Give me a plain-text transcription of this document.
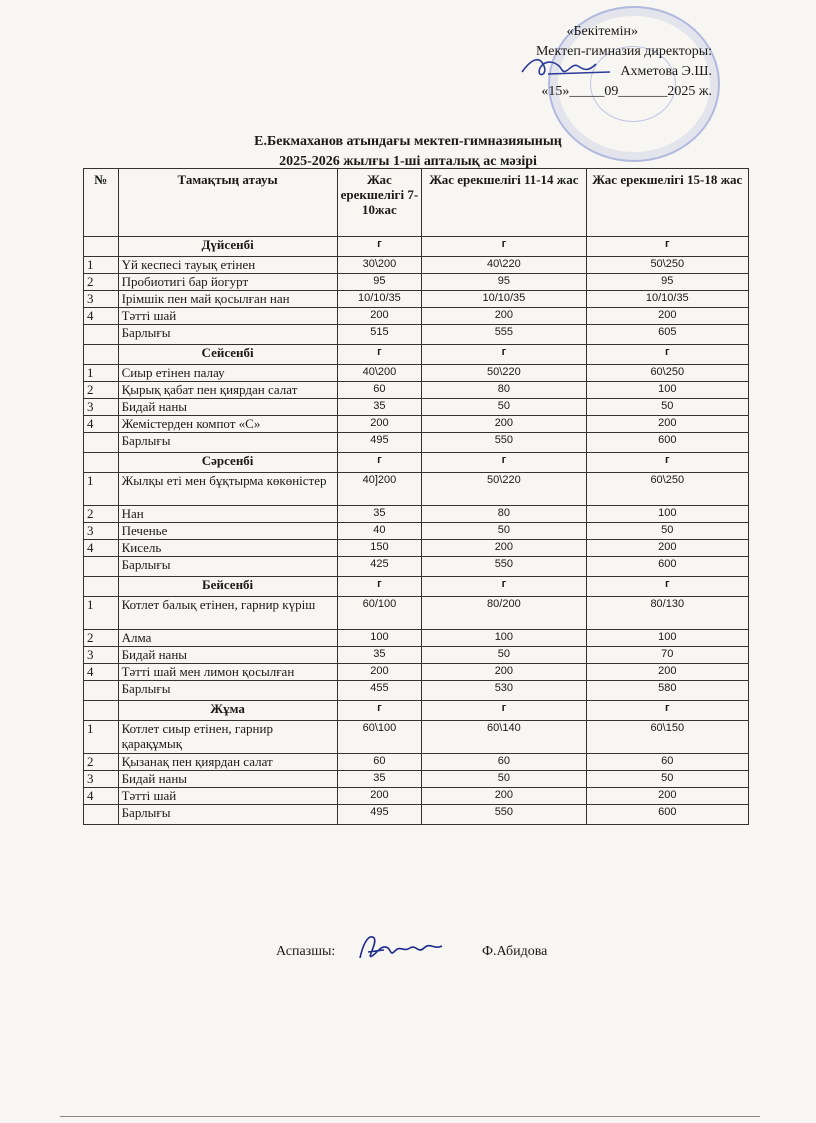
«Бекітемін»
Мектеп-гимназия директоры:
Ахметова Э.Ш.
«15»_____09_______2025 ж.
Е.Бекмаханов атындағы мектеп-гимназияының
2025-2026 жылғы 1-ші апталық ас мәзірі
№	Тамақтың атауы	Жас ерекшелігі 7-10жас	Жас ерекшелігі 11-14 жас	Жас ерекшелігі 15-18 жас
	Дүйсенбі	г	г	г
1	Үй кеспесі тауық етінен	30\200	40\220	50\250
2	Пробиотигі бар йогурт	95	95	95
3	Ірімшік пен май қосылған нан	10/10/35	10/10/35	10/10/35
4	Тәтті шай	200	200	200
	Барлығы	515	555	605
	Сейсенбі	г	г	г
1	Сиыр етінен палау	40\200	50\220	60\250
2	Қырық қабат пен қиярдан салат	60	80	100
3	Бидай наны	35	50	50
4	Жемістерден компот «С»	200	200	200
	Барлығы	495	550	600
	Сәрсенбі	г	г	г
1	Жылқы еті мен бұқтырма көкөністер	40]200	50\220	60\250
2	Нан	35	80	100
3	Печенье	40	50	50
4	Кисель	150	200	200
	Барлығы	425	550	600
	Бейсенбі	г	г	г
1	Котлет балық етінен, гарнир күріш	60/100	80/200	80/130
2	Алма	100	100	100
3	Бидай наны	35	50	70
4	Тәтті шай мен лимон қосылған	200	200	200
	Барлығы	455	530	580
	Жұма	г	г	г
1	Котлет сиыр етінен, гарнир қарақұмық	60\100	60\140	60\150
2	Қызанақ пен қиярдан салат	60	60	60
3	Бидай наны	35	50	50
4	Тәтті шай	200	200	200
	Барлығы	495	550	600
Аспазшы:	Ф.Абидова
